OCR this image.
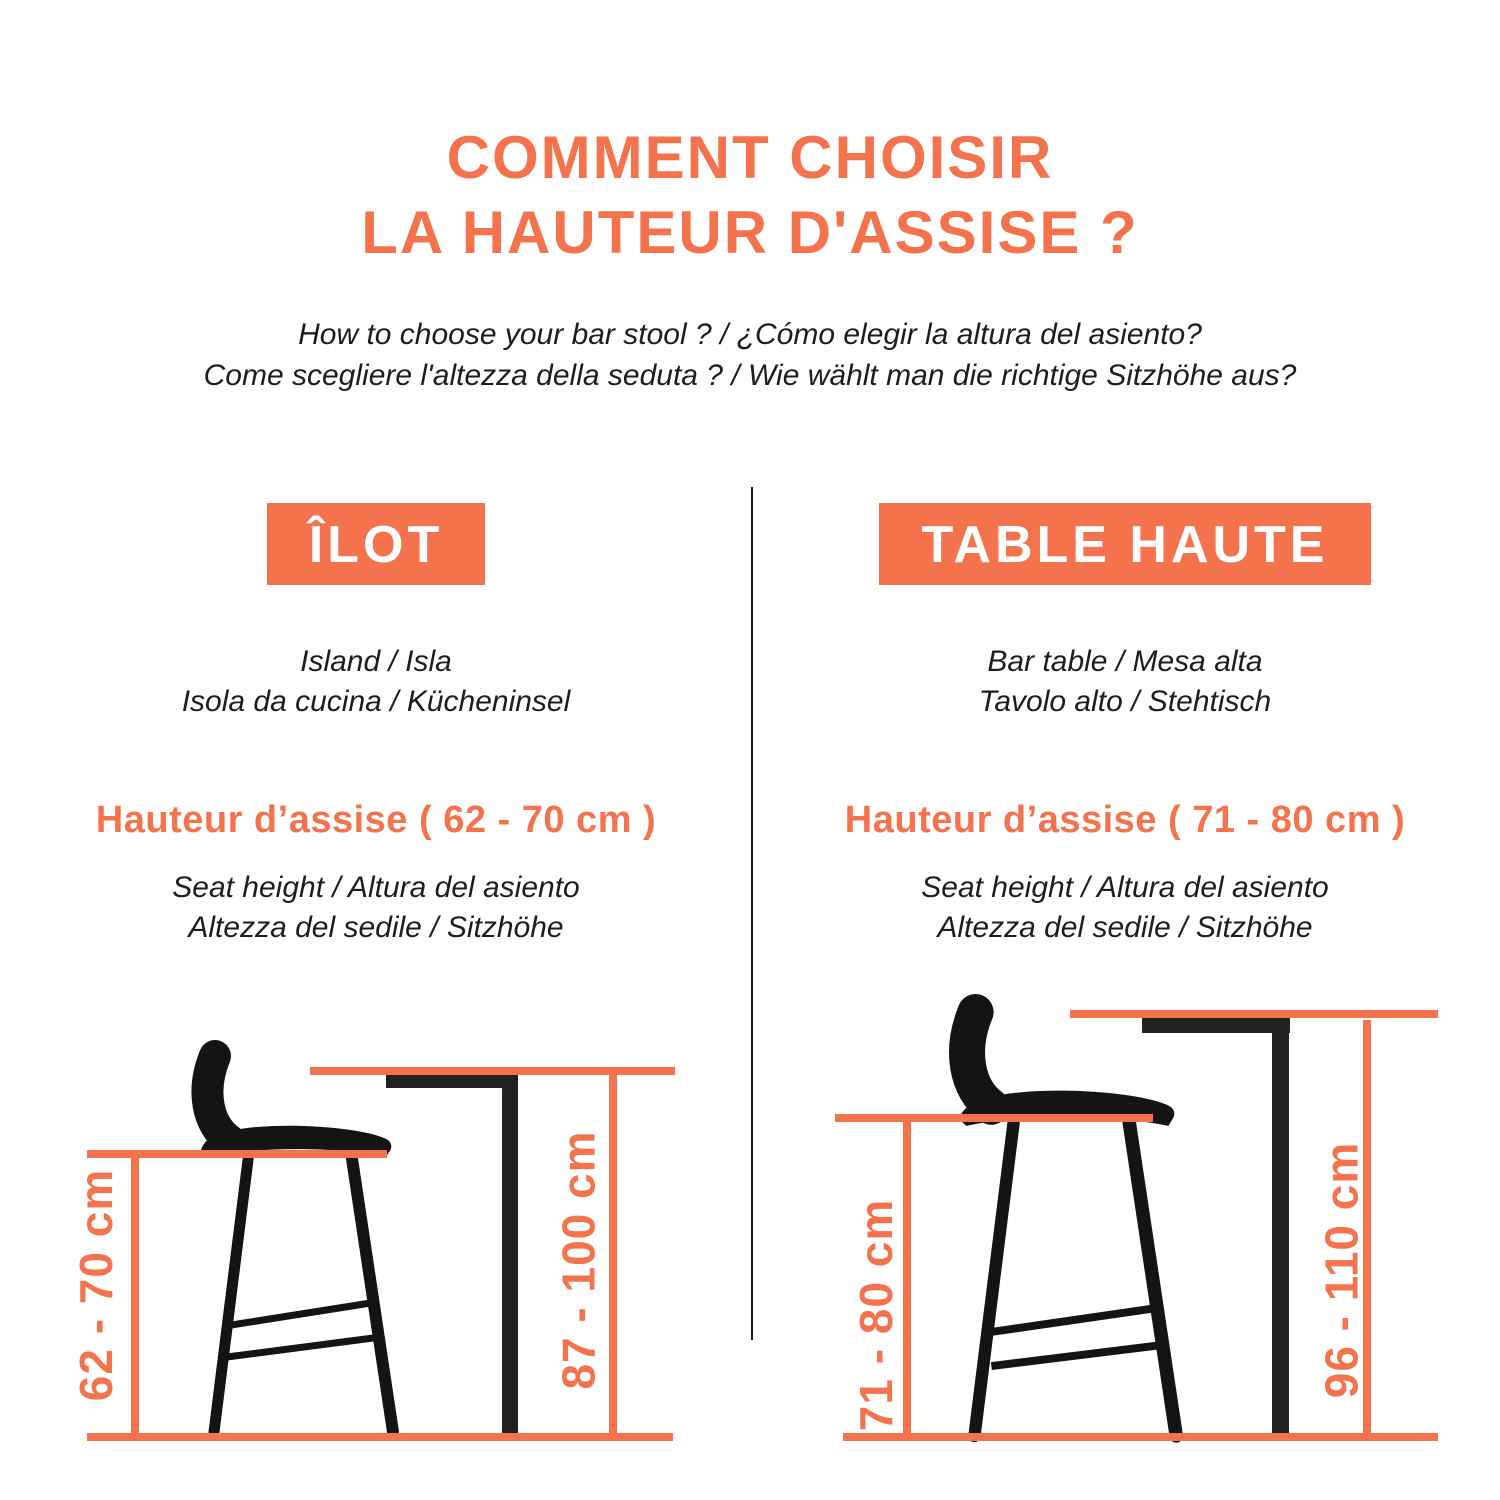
COMMENT CHOISIR
LA HAUTEUR D'ASSISE ?

How to choose your bar stool ? / ¿Cómo elegir la altura del asiento?
Come scegliere l'altezza della seduta ? / Wie wählt man die richtige Sitzhöhe aus?

ÎLOT

Island / Isla
Isola da cucina / Kücheninsel

Hauteur d’assise ( 62 - 70 cm )

Seat height / Altura del asiento
Altezza del sedile / Sitzhöhe

62 - 70 cm	87 - 100 cm
TABLE HAUTE

Bar table / Mesa alta
Tavolo alto / Stehtisch

Hauteur d’assise ( 71 - 80 cm )

Seat height / Altura del asiento
Altezza del sedile / Sitzhöhe

71 - 80 cm	96 - 110 cm
